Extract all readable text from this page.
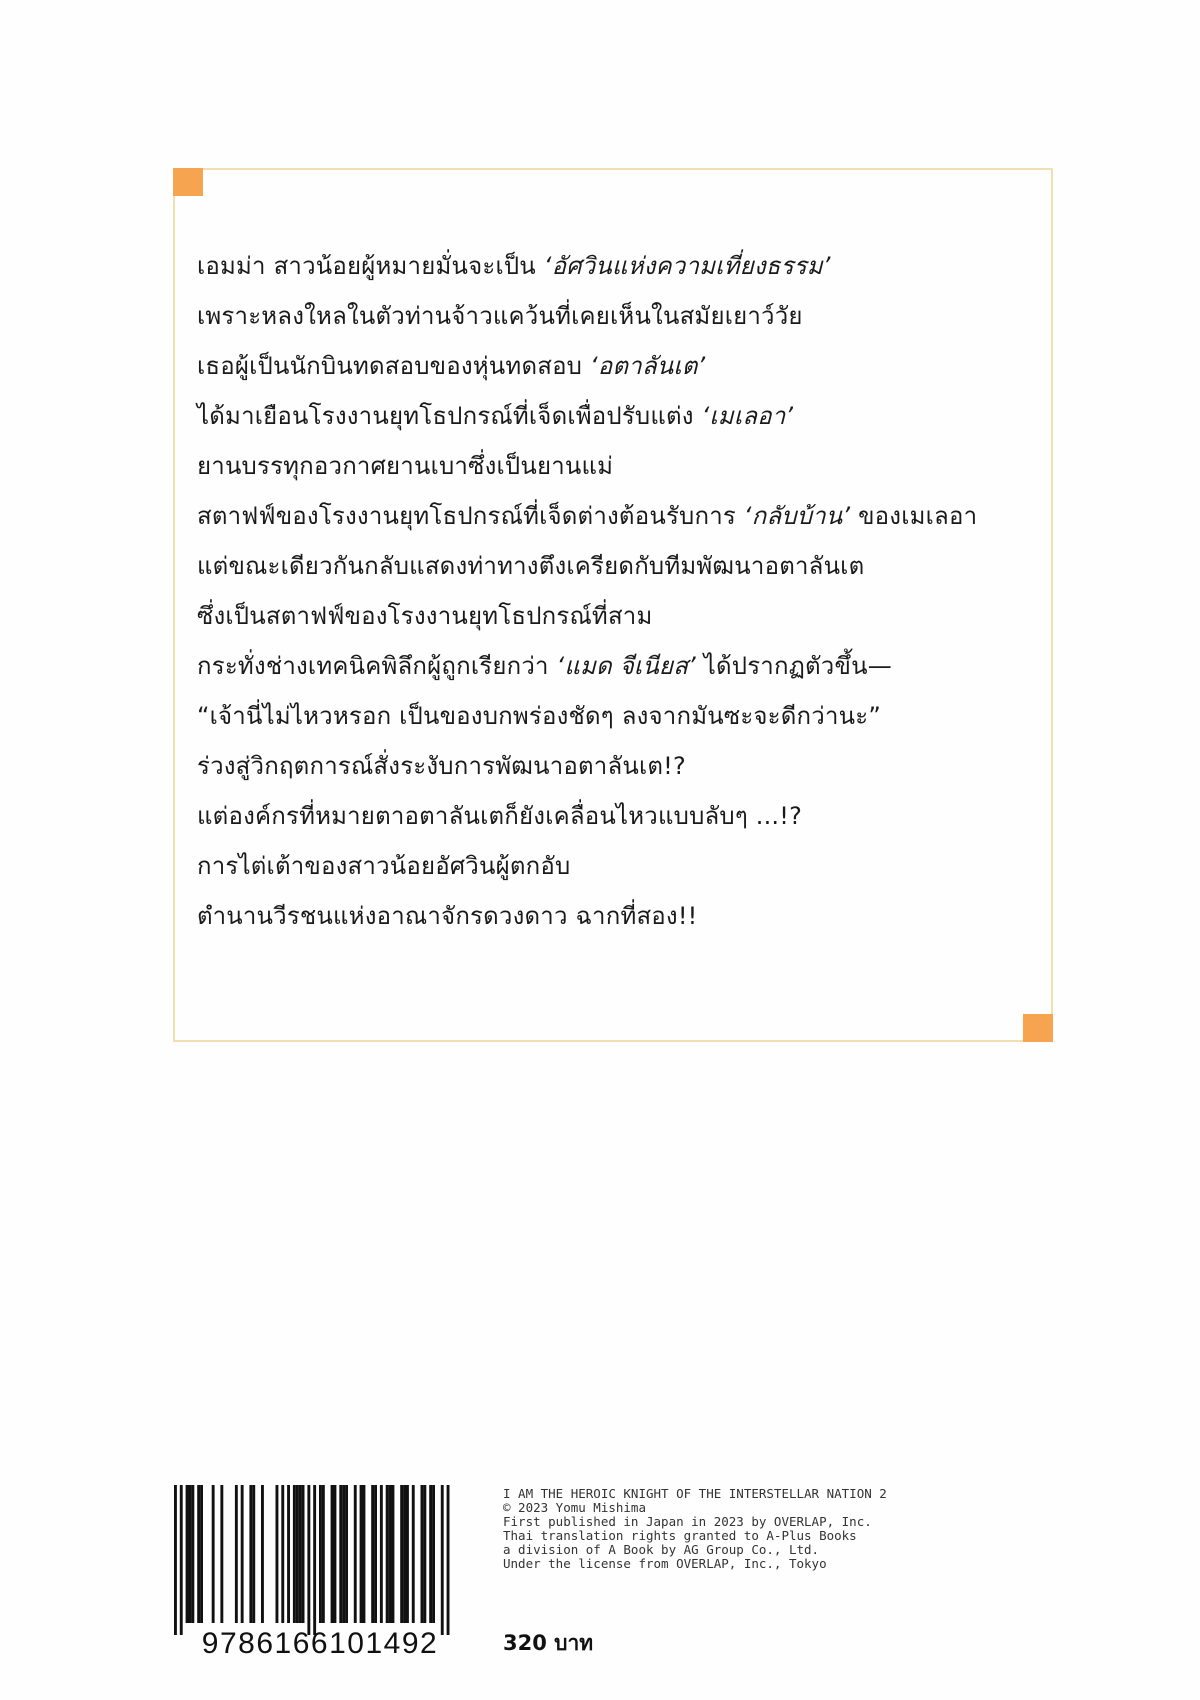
เอมม่า สาวน้อยผู้หมายมั่นจะเป็น ‘อัศวินแห่งความเที่ยงธรรม’
เพราะหลงใหลในตัวท่านจ้าวแคว้นที่เคยเห็นในสมัยเยาว์วัย
เธอผู้เป็นนักบินทดสอบของหุ่นทดสอบ ‘อตาลันเต’
ได้มาเยือนโรงงานยุทโธปกรณ์ที่เจ็ดเพื่อปรับแต่ง ‘เมเลอา’
ยานบรรทุกอวกาศยานเบาซึ่งเป็นยานแม่
สตาฟฟ์ของโรงงานยุทโธปกรณ์ที่เจ็ดต่างต้อนรับการ ‘กลับบ้าน’ ของเมเลอา
แต่ขณะเดียวกันกลับแสดงท่าทางตึงเครียดกับทีมพัฒนาอตาลันเต
ซึ่งเป็นสตาฟฟ์ของโรงงานยุทโธปกรณ์ที่สาม
กระทั่งช่างเทคนิคพิลึกผู้ถูกเรียกว่า ‘แมด จีเนียส’ ได้ปรากฏตัวขึ้น—
“เจ้านี่ไม่ไหวหรอก เป็นของบกพร่องชัดๆ ลงจากมันซะจะดีกว่านะ”
ร่วงสู่วิกฤตการณ์สั่งระงับการพัฒนาอตาลันเต!?
แต่องค์กรที่หมายตาอตาลันเตก็ยังเคลื่อนไหวแบบลับๆ ...!?
การไต่เต้าของสาวน้อยอัศวินผู้ตกอับ
ตำนานวีรชนแห่งอาณาจักรดวงดาว ฉากที่สอง!!
9786166101492	320 บาท
I AM THE HEROIC KNIGHT OF THE INTERSTELLAR NATION 2
© 2023 Yomu Mishima
First published in Japan in 2023 by OVERLAP, Inc.
Thai translation rights granted to A-Plus Books
a division of A Book by AG Group Co., Ltd.
Under the license from OVERLAP, Inc., Tokyo
